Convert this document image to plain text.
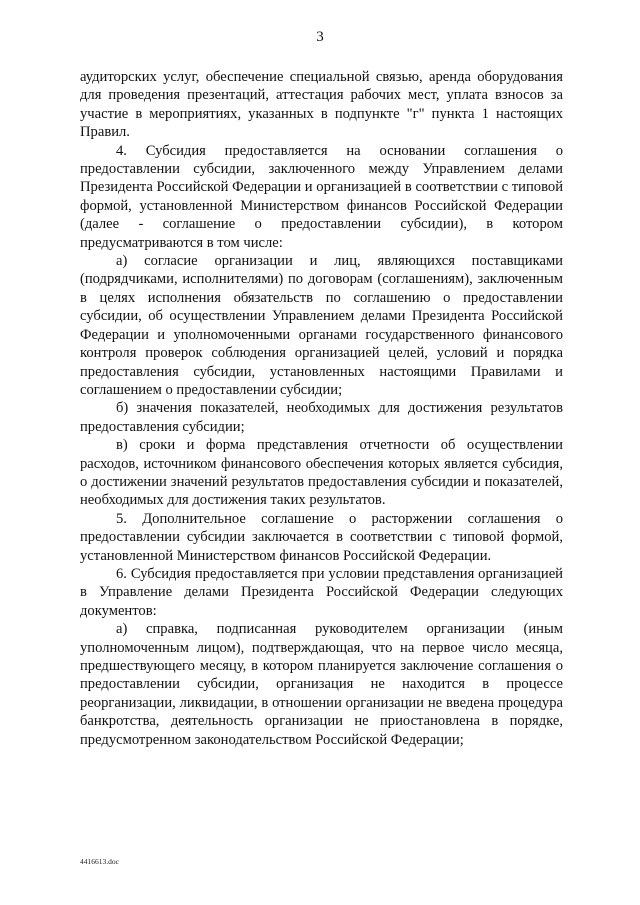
3

аудиторских услуг, обеспечение специальной связью, аренда оборудования для проведения презентаций, аттестация рабочих мест, уплата взносов за участие в мероприятиях, указанных в подпункте "г" пункта 1 настоящих Правил.

4. Субсидия предоставляется на основании соглашения о предоставлении субсидии, заключенного между Управлением делами Президента Российской Федерации и организацией в соответствии с типовой формой, установленной Министерством финансов Российской Федерации (далее - соглашение о предоставлении субсидии), в котором предусматриваются в том числе:

а) согласие организации и лиц, являющихся поставщиками (подрядчиками, исполнителями) по договорам (соглашениям), заключенным в целях исполнения обязательств по соглашению о предоставлении субсидии, об осуществлении Управлением делами Президента Российской Федерации и уполномоченными органами государственного финансового контроля проверок соблюдения организацией целей, условий и порядка предоставления субсидии, установленных настоящими Правилами и соглашением о предоставлении субсидии;

б) значения показателей, необходимых для достижения результатов предоставления субсидии;

в) сроки и форма представления отчетности об осуществлении расходов, источником финансового обеспечения которых является субсидия, о достижении значений результатов предоставления субсидии и показателей, необходимых для достижения таких результатов.

5. Дополнительное соглашение о расторжении соглашения о предоставлении субсидии заключается в соответствии с типовой формой, установленной Министерством финансов Российской Федерации.

6. Субсидия предоставляется при условии представления организацией в Управление делами Президента Российской Федерации следующих документов:

а) справка, подписанная руководителем организации (иным уполномоченным лицом), подтверждающая, что на первое число месяца, предшествующего месяцу, в котором планируется заключение соглашения о предоставлении субсидии, организация не находится в процессе реорганизации, ликвидации, в отношении организации не введена процедура банкротства, деятельность организации не приостановлена в порядке, предусмотренном законодательством Российской Федерации;

4416613.doc
